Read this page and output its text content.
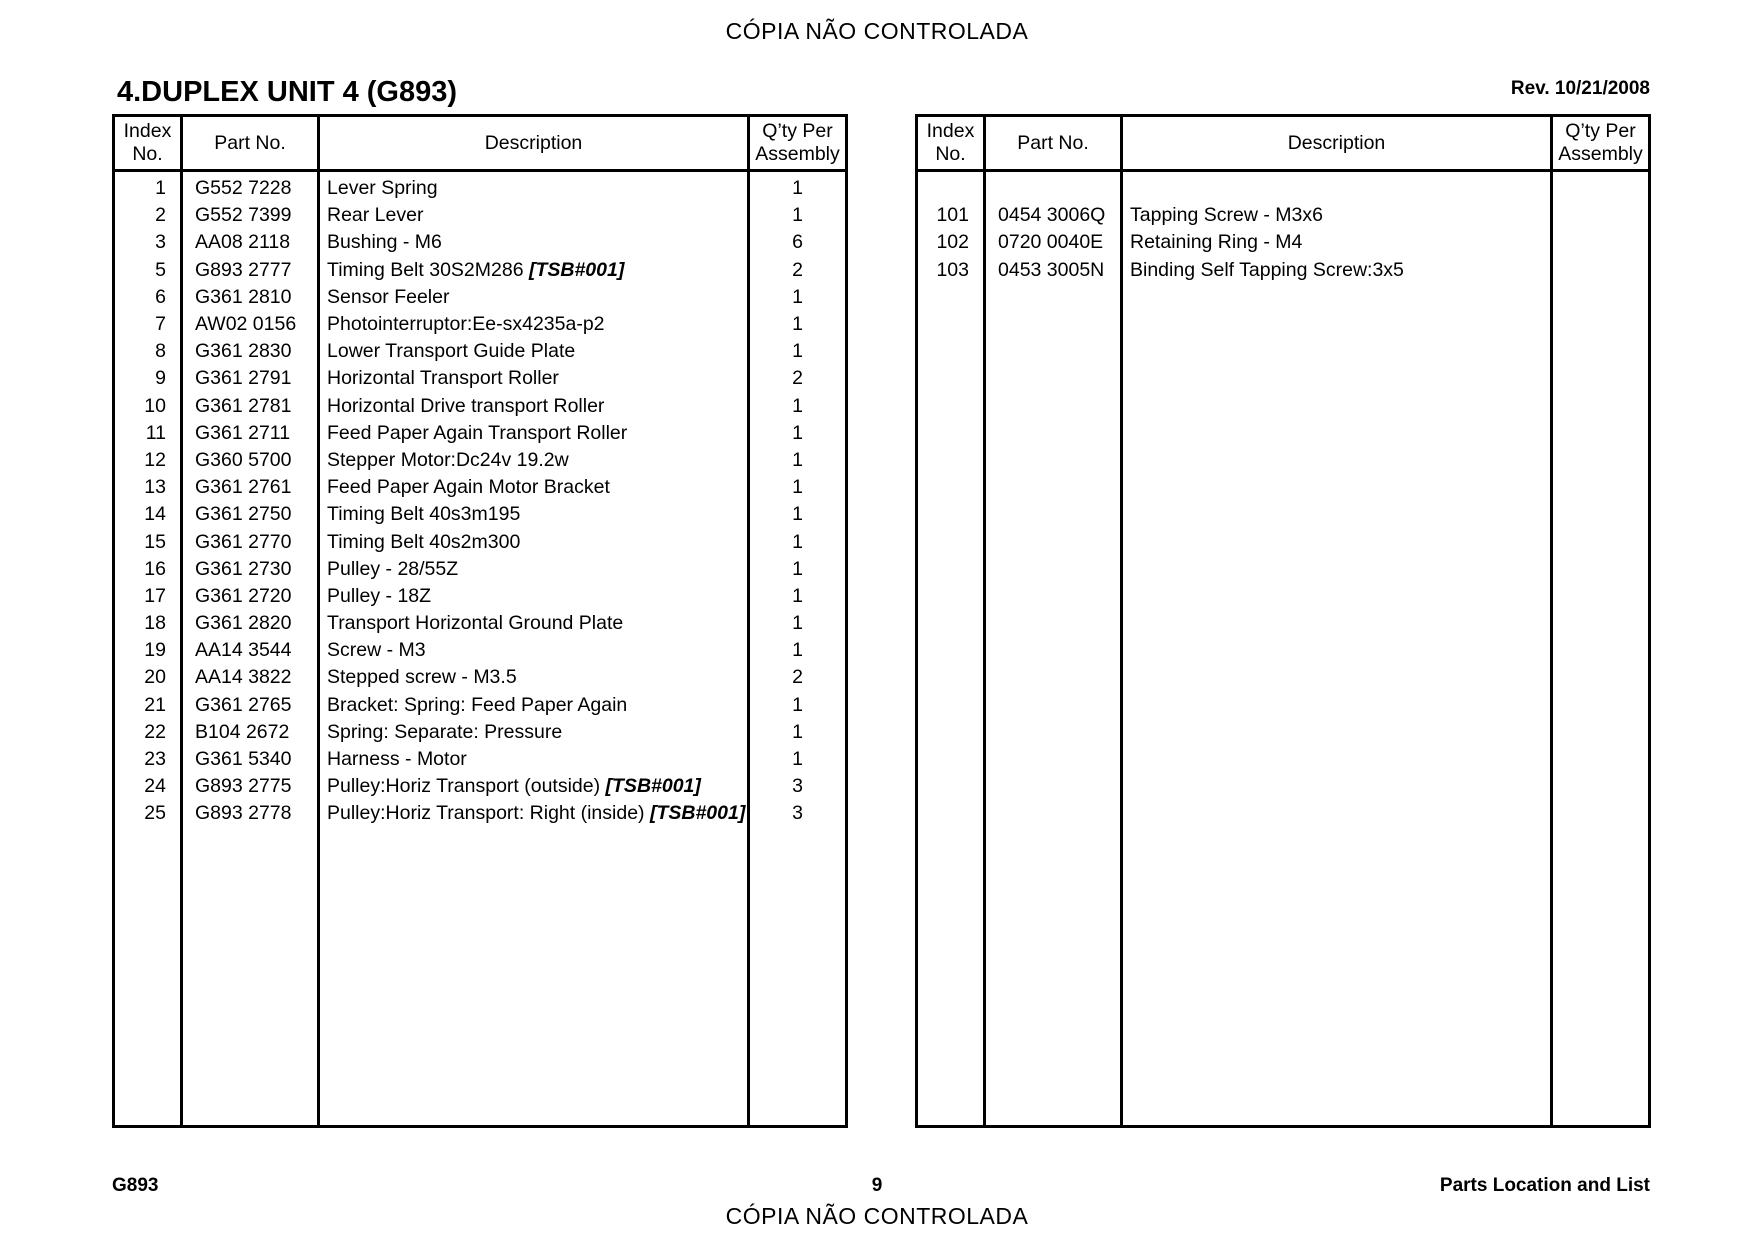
CÓPIA NÃO CONTROLADA
4.DUPLEX UNIT 4 (G893)	Rev. 10/21/2008
Index
No.	Part No.	Description	Q’ty Per
Assembly
1	G552 7228	Lever Spring	1
2	G552 7399	Rear Lever	1
3	AA08 2118	Bushing - M6	6
5	G893 2777	Timing Belt 30S2M286 [TSB#001]	2
6	G361 2810	Sensor Feeler	1
7	AW02 0156	Photointerruptor:Ee-sx4235a-p2	1
8	G361 2830	Lower Transport Guide Plate	1
9	G361 2791	Horizontal Transport Roller	2
10	G361 2781	Horizontal Drive transport Roller	1
11	G361 2711	Feed Paper Again Transport Roller	1
12	G360 5700	Stepper Motor:Dc24v 19.2w	1
13	G361 2761	Feed Paper Again Motor Bracket	1
14	G361 2750	Timing Belt 40s3m195	1
15	G361 2770	Timing Belt 40s2m300	1
16	G361 2730	Pulley - 28/55Z	1
17	G361 2720	Pulley - 18Z	1
18	G361 2820	Transport Horizontal Ground Plate	1
19	AA14 3544	Screw - M3	1
20	AA14 3822	Stepped screw - M3.5	2
21	G361 2765	Bracket: Spring: Feed Paper Again	1
22	B104 2672	Spring: Separate: Pressure	1
23	G361 5340	Harness - Motor	1
24	G893 2775	Pulley:Horiz Transport (outside) [TSB#001]	3
25	G893 2778	Pulley:Horiz Transport: Right (inside) [TSB#001]	3

Index
No.	Part No.	Description	Q’ty Per
Assembly

101	0454 3006Q	Tapping Screw - M3x6	
102	0720 0040E	Retaining Ring - M4	
103	0453 3005N	Binding Self Tapping Screw:3x5	

G893	9	Parts Location and List
CÓPIA NÃO CONTROLADA
